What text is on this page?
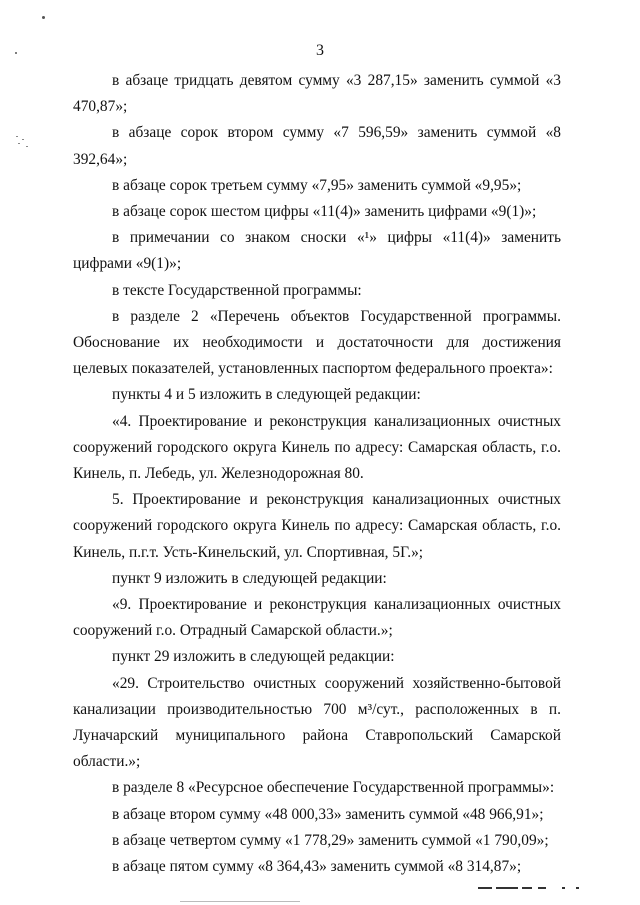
3

в абзаце тридцать девятом сумму «3 287,15» заменить суммой «3 470,87»;

в абзаце сорок втором сумму «7 596,59» заменить суммой «8 392,64»;

в абзаце сорок третьем сумму «7,95» заменить суммой «9,95»;

в абзаце сорок шестом цифры «11(4)» заменить цифрами «9(1)»;

в примечании со знаком сноски «¹» цифры «11(4)» заменить цифрами «9(1)»;

в тексте Государственной программы:

в разделе 2 «Перечень объектов Государственной программы. Обоснование их необходимости и достаточности для достижения целевых показателей, установленных паспортом федерального проекта»:

пункты 4 и 5 изложить в следующей редакции:

«4. Проектирование и реконструкция канализационных очистных сооружений городского округа Кинель по адресу: Самарская область, г.о. Кинель, п. Лебедь, ул. Железнодорожная 80.

5. Проектирование и реконструкция канализационных очистных сооружений городского округа Кинель по адресу: Самарская область, г.о. Кинель, п.г.т. Усть-Кинельский, ул. Спортивная, 5Г.»;

пункт 9 изложить в следующей редакции:

«9. Проектирование и реконструкция канализационных очистных сооружений г.о. Отрадный Самарской области.»;

пункт 29 изложить в следующей редакции:

«29. Строительство очистных сооружений хозяйственно-бытовой канализации производительностью 700 м³/сут., расположенных в п. Луначарский муниципального района Ставропольский Самарской области.»;

в разделе 8 «Ресурсное обеспечение Государственной программы»:

в абзаце втором сумму «48 000,33» заменить суммой «48 966,91»;

в абзаце четвертом сумму «1 778,29» заменить суммой «1 790,09»;

в абзаце пятом сумму «8 364,43» заменить суммой «8 314,87»;
